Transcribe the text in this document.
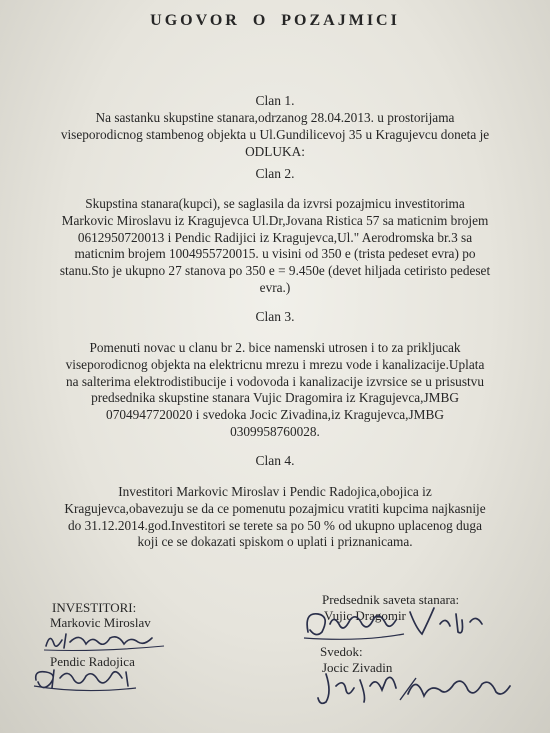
UGOVOR O POZAJMICI
Clan 1.
Na sastanku skupstine stanara,odrzanog 28.04.2013. u prostorijama
viseporodicnog stambenog objekta u Ul.Gundilicevoj 35 u Kragujevcu doneta je
ODLUKA:
Clan 2.
Skupstina stanara(kupci), se saglasila da izvrsi pozajmicu investitorima
Markovic Miroslavu iz Kragujevca Ul.Dr,Jovana Ristica 57 sa maticnim brojem
0612950720013 i Pendic Radijici iz Kragujevca,Ul." Aerodromska br.3 sa
maticnim brojem 1004955720015. u visini od 350 e (trista pedeset evra) po
stanu.Sto je ukupno 27 stanova po 350 e = 9.450e (devet hiljada cetiristo pedeset
evra.)
Clan 3.
Pomenuti novac u clanu br 2. bice namenski utrosen i to za prikljucak
viseporodicnog objekta na elektricnu mrezu i mrezu vode i kanalizacije.Uplata
na salterima elektrodistibucije i vodovoda i kanalizacije izvrsice se u prisustvu
predsednika skupstine stanara Vujic Dragomira iz Kragujevca,JMBG
0704947720020 i svedoka Jocic Zivadina,iz Kragujevca,JMBG
0309958760028.
Clan 4.
Investitori Markovic Miroslav i Pendic Radojica,obojica iz
Kragujevca,obavezuju se da ce pomenutu pozajmicu vratiti kupcima najkasnije
do 31.12.2014.god.Investitori se terete sa po 50 % od ukupno uplacenog duga
koji ce se dokazati spiskom o uplati i priznanicama.
INVESTITORI:
Markovic Miroslav
Pendic Radojica
Predsednik saveta stanara:
Vujic Dragomir
Svedok:
Jocic Zivadin
